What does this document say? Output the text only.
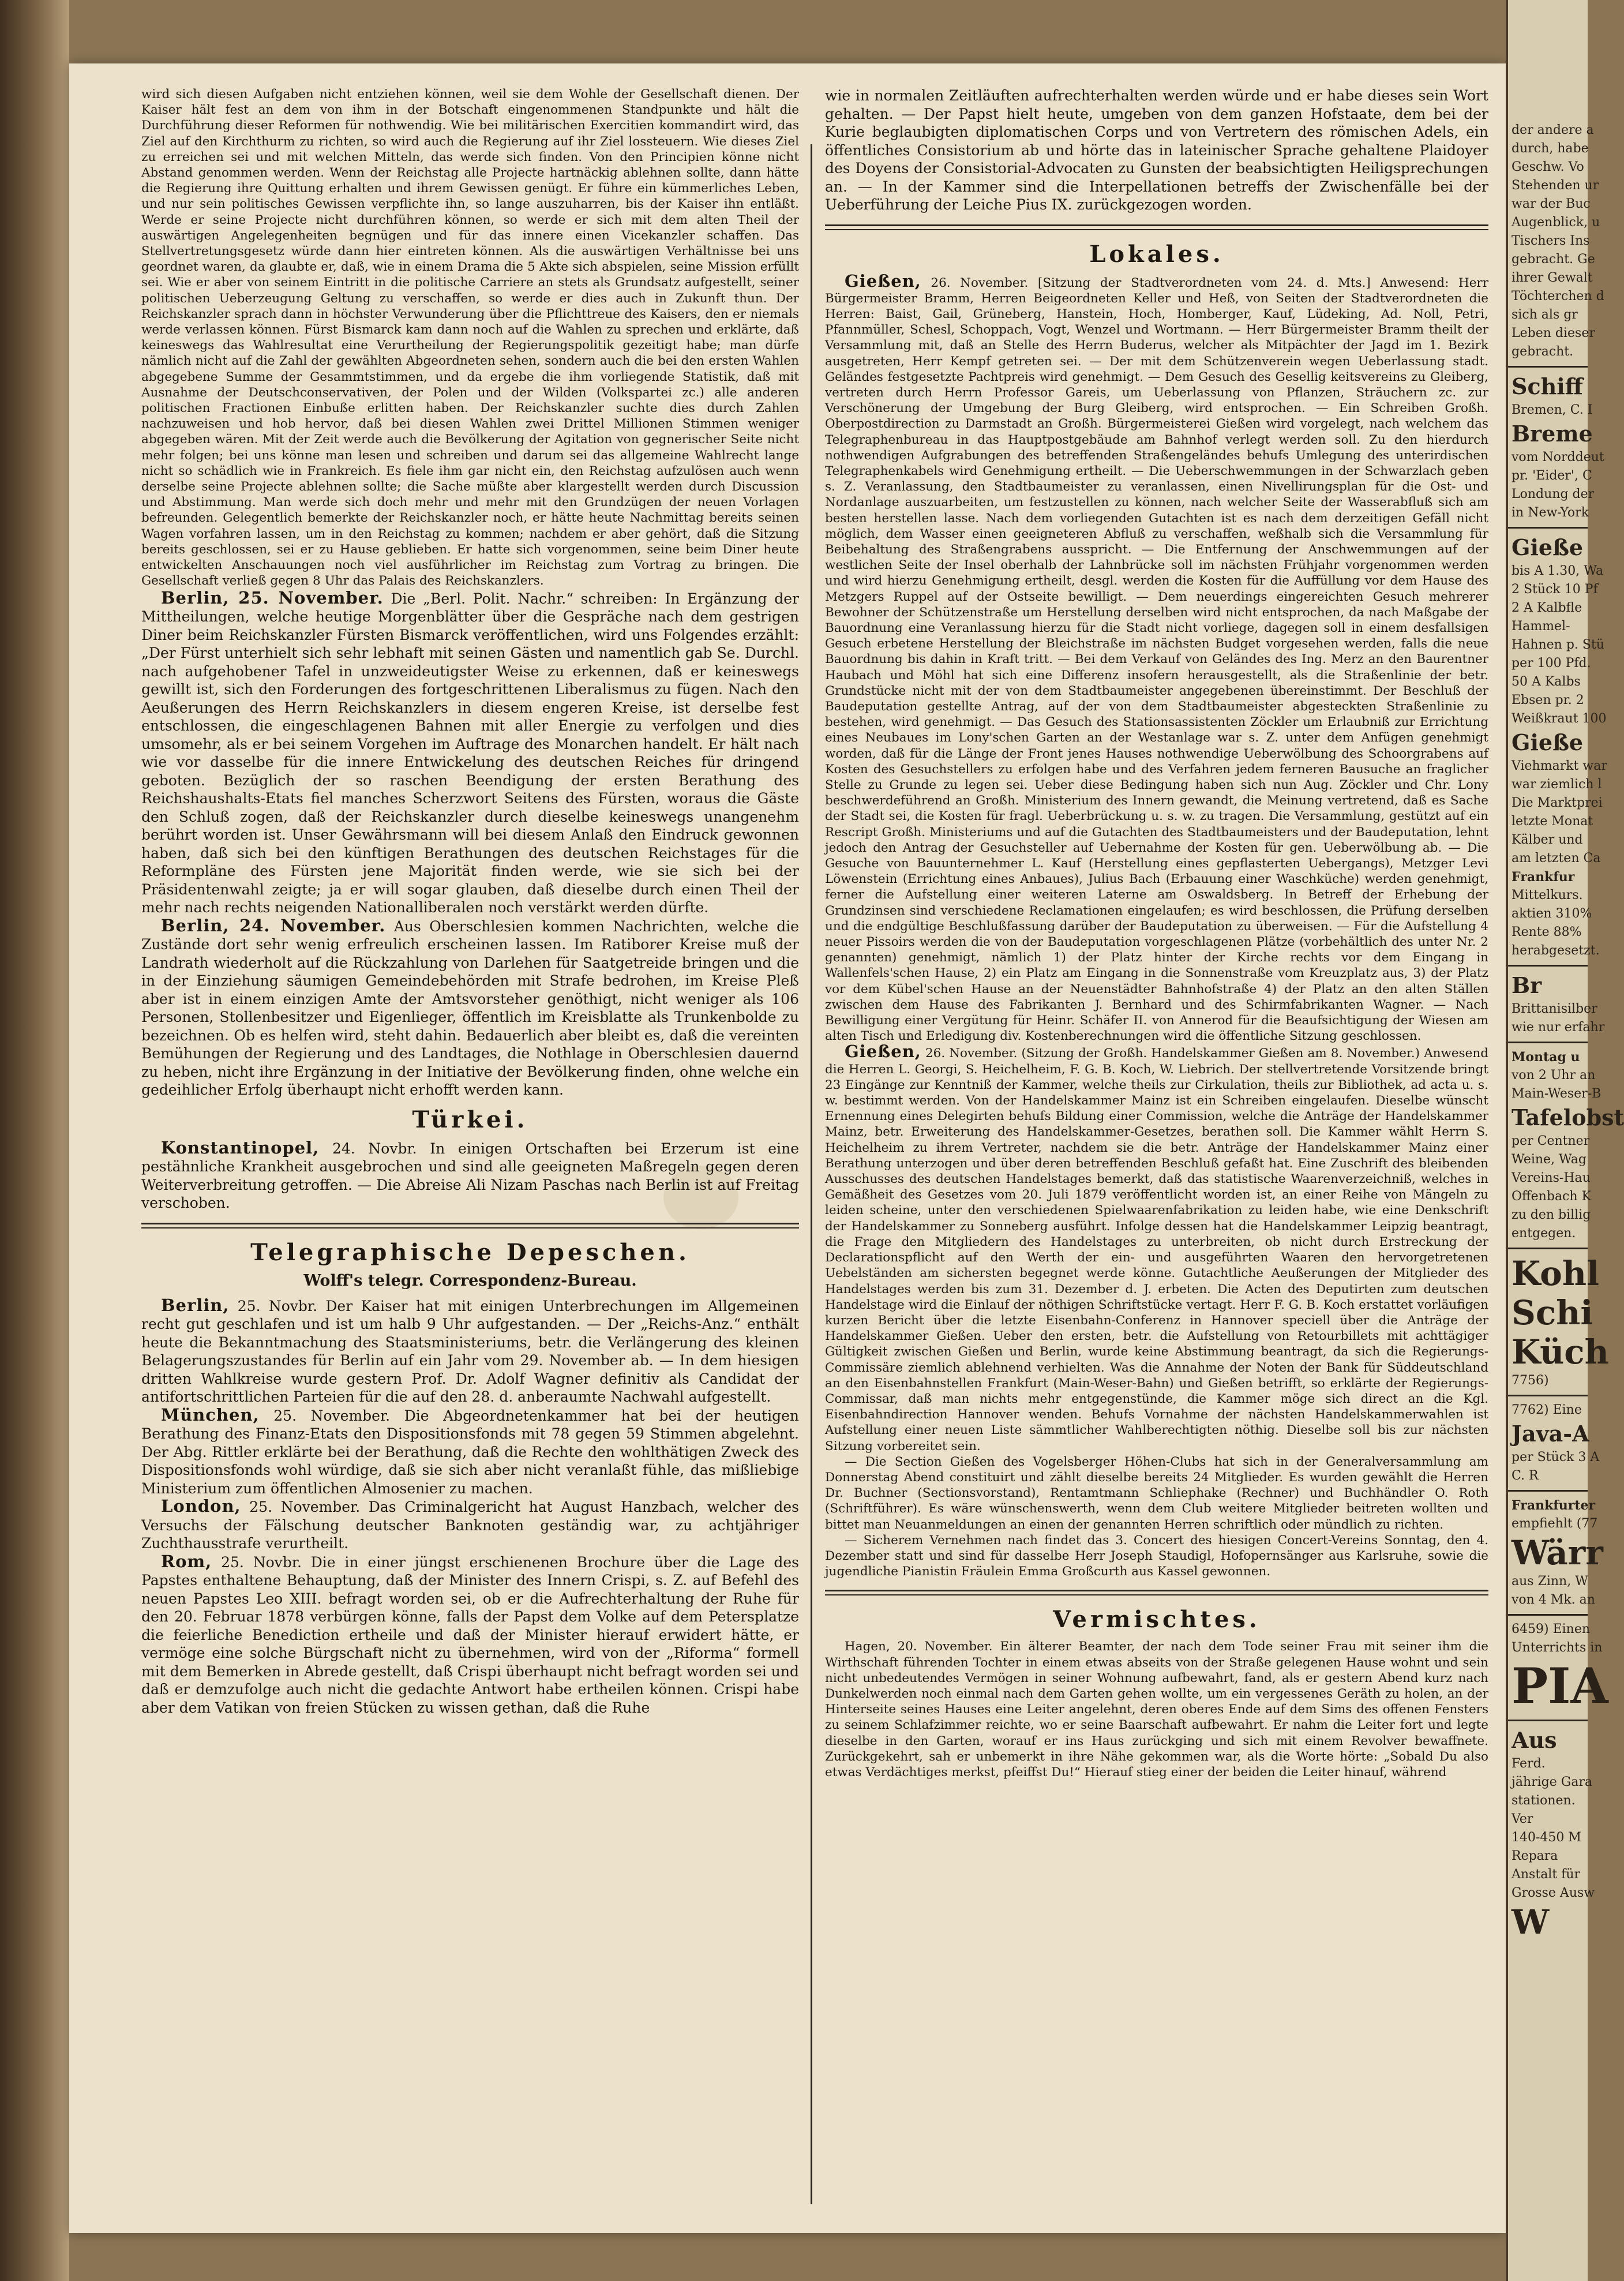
wird sich diesen Aufgaben nicht entziehen können, weil sie dem Wohle der Gesellschaft dienen. Der Kaiser hält fest an dem von ihm in der Botschaft eingenommenen Standpunkte und hält die Durchführung dieser Reformen für nothwendig. Wie bei militärischen Exercitien kommandirt wird, das Ziel auf den Kirchthurm zu richten, so wird auch die Regierung auf ihr Ziel lossteuern. Wie dieses Ziel zu erreichen sei und mit welchen Mitteln, das werde sich finden. Von den Principien könne nicht Abstand genommen werden. Wenn der Reichstag alle Projecte hartnäckig ablehnen sollte, dann hätte die Regierung ihre Quittung erhalten und ihrem Gewissen genügt. Er führe ein kümmerliches Leben, und nur sein politisches Gewissen verpflichte ihn, so lange auszuharren, bis der Kaiser ihn entläßt. Werde er seine Projecte nicht durchführen können, so werde er sich mit dem alten Theil der auswärtigen Angelegenheiten begnügen und für das innere einen Vicekanzler schaffen. Das Stellvertretungsgesetz würde dann hier eintreten können. Als die auswärtigen Verhältnisse bei uns geordnet waren, da glaubte er, daß, wie in einem Drama die 5 Akte sich abspielen, seine Mission erfüllt sei. Wie er aber von seinem Eintritt in die politische Carriere an stets als Grundsatz aufgestellt, seiner politischen Ueberzeugung Geltung zu verschaffen, so werde er dies auch in Zukunft thun. Der Reichskanzler sprach dann in höchster Verwunderung über die Pflichttreue des Kaisers, den er niemals werde verlassen können. Fürst Bismarck kam dann noch auf die Wahlen zu sprechen und erklärte, daß keineswegs das Wahlresultat eine Verurtheilung der Regierungspolitik gezeitigt habe; man dürfe nämlich nicht auf die Zahl der gewählten Abgeordneten sehen, sondern auch die bei den ersten Wahlen abgegebene Summe der Gesammtstimmen, und da ergebe die ihm vorliegende Statistik, daß mit Ausnahme der Deutschconservativen, der Polen und der Wilden (Volkspartei zc.) alle anderen politischen Fractionen Einbuße erlitten haben. Der Reichskanzler suchte dies durch Zahlen nachzuweisen und hob hervor, daß bei diesen Wahlen zwei Drittel Millionen Stimmen weniger abgegeben wären. Mit der Zeit werde auch die Bevölkerung der Agitation von gegnerischer Seite nicht mehr folgen; bei uns könne man lesen und schreiben und darum sei das allgemeine Wahlrecht lange nicht so schädlich wie in Frankreich. Es fiele ihm gar nicht ein, den Reichstag aufzulösen auch wenn derselbe seine Projecte ablehnen sollte; die Sache müßte aber klargestellt werden durch Discussion und Abstimmung. Man werde sich doch mehr und mehr mit den Grundzügen der neuen Vorlagen befreunden. Gelegentlich bemerkte der Reichskanzler noch, er hätte heute Nachmittag bereits seinen Wagen vorfahren lassen, um in den Reichstag zu kommen; nachdem er aber gehört, daß die Sitzung bereits geschlossen, sei er zu Hause geblieben. Er hatte sich vorgenommen, seine beim Diner heute entwickelten Anschauungen noch viel ausführlicher im Reichstag zum Vortrag zu bringen. Die Gesellschaft verließ gegen 8 Uhr das Palais des Reichskanzlers.

Berlin, 25. November. Die „Berl. Polit. Nachr.“ schreiben: In Ergänzung der Mittheilungen, welche heutige Morgenblätter über die Gespräche nach dem gestrigen Diner beim Reichskanzler Fürsten Bismarck veröffentlichen, wird uns Folgendes erzählt: „Der Fürst unterhielt sich sehr lebhaft mit seinen Gästen und namentlich gab Se. Durchl. nach aufgehobener Tafel in unzweideutigster Weise zu erkennen, daß er keineswegs gewillt ist, sich den Forderungen des fortgeschrittenen Liberalismus zu fügen. Nach den Aeußerungen des Herrn Reichskanzlers in diesem engeren Kreise, ist derselbe fest entschlossen, die eingeschlagenen Bahnen mit aller Energie zu verfolgen und dies umsomehr, als er bei seinem Vorgehen im Auftrage des Monarchen handelt. Er hält nach wie vor dasselbe für die innere Entwickelung des deutschen Reiches für dringend geboten. Bezüglich der so raschen Beendigung der ersten Berathung des Reichshaushalts-Etats fiel manches Scherzwort Seitens des Fürsten, woraus die Gäste den Schluß zogen, daß der Reichskanzler durch dieselbe keineswegs unangenehm berührt worden ist. Unser Gewährsmann will bei diesem Anlaß den Eindruck gewonnen haben, daß sich bei den künftigen Berathungen des deutschen Reichstages für die Reformpläne des Fürsten jene Majorität finden werde, wie sie sich bei der Präsidentenwahl zeigte; ja er will sogar glauben, daß dieselbe durch einen Theil der mehr nach rechts neigenden Nationalliberalen noch verstärkt werden dürfte.

Berlin, 24. November. Aus Oberschlesien kommen Nachrichten, welche die Zustände dort sehr wenig erfreulich erscheinen lassen. Im Ratiborer Kreise muß der Landrath wiederholt auf die Rückzahlung von Darlehen für Saatgetreide bringen und die in der Einziehung säumigen Gemeindebehörden mit Strafe bedrohen, im Kreise Pleß aber ist in einem einzigen Amte der Amtsvorsteher genöthigt, nicht weniger als 106 Personen, Stollenbesitzer und Eigenlieger, öffentlich im Kreisblatte als Trunkenbolde zu bezeichnen. Ob es helfen wird, steht dahin. Bedauerlich aber bleibt es, daß die vereinten Bemühungen der Regierung und des Landtages, die Nothlage in Oberschlesien dauernd zu heben, nicht ihre Ergänzung in der Initiative der Bevölkerung finden, ohne welche ein gedeihlicher Erfolg überhaupt nicht erhofft werden kann.

Türkei.

Konstantinopel, 24. Novbr. In einigen Ortschaften bei Erzerum ist eine pestähnliche Krankheit ausgebrochen und sind alle geeigneten Maßregeln gegen deren Weiterverbreitung getroffen. — Die Abreise Ali Nizam Paschas nach Berlin ist auf Freitag verschoben.

Telegraphische Depeschen.
Wolff's telegr. Correspondenz-Bureau.

Berlin, 25. Novbr. Der Kaiser hat mit einigen Unterbrechungen im Allgemeinen recht gut geschlafen und ist um halb 9 Uhr aufgestanden. — Der „Reichs-Anz.“ enthält heute die Bekanntmachung des Staatsministeriums, betr. die Verlängerung des kleinen Belagerungszustandes für Berlin auf ein Jahr vom 29. November ab. — In dem hiesigen dritten Wahlkreise wurde gestern Prof. Dr. Adolf Wagner definitiv als Candidat der antifortschrittlichen Parteien für die auf den 28. d. anberaumte Nachwahl aufgestellt.

München, 25. November. Die Abgeordnetenkammer hat bei der heutigen Berathung des Finanz-Etats den Dispositionsfonds mit 78 gegen 59 Stimmen abgelehnt. Der Abg. Rittler erklärte bei der Berathung, daß die Rechte den wohlthätigen Zweck des Dispositionsfonds wohl würdige, daß sie sich aber nicht veranlaßt fühle, das mißliebige Ministerium zum öffentlichen Almosenier zu machen.

London, 25. November. Das Criminalgericht hat August Hanzbach, welcher des Versuchs der Fälschung deutscher Banknoten geständig war, zu achtjähriger Zuchthausstrafe verurtheilt.

Rom, 25. Novbr. Die in einer jüngst erschienenen Brochure über die Lage des Papstes enthaltene Behauptung, daß der Minister des Innern Crispi, s. Z. auf Befehl des neuen Papstes Leo XIII. befragt worden sei, ob er die Aufrechterhaltung der Ruhe für den 20. Februar 1878 verbürgen könne, falls der Papst dem Volke auf dem Petersplatze die feierliche Benediction ertheile und daß der Minister hierauf erwidert hätte, er vermöge eine solche Bürgschaft nicht zu übernehmen, wird von der „Riforma“ formell mit dem Bemerken in Abrede gestellt, daß Crispi überhaupt nicht befragt worden sei und daß er demzufolge auch nicht die gedachte Antwort habe ertheilen können. Crispi habe aber dem Vatikan von freien Stücken zu wissen gethan, daß die Ruhe

wie in normalen Zeitläuften aufrechterhalten werden würde und er habe dieses sein Wort gehalten. — Der Papst hielt heute, umgeben von dem ganzen Hofstaate, dem bei der Kurie beglaubigten diplomatischen Corps und von Vertretern des römischen Adels, ein öffentliches Consistorium ab und hörte das in lateinischer Sprache gehaltene Plaidoyer des Doyens der Consistorial-Advocaten zu Gunsten der beabsichtigten Heiligsprechungen an. — In der Kammer sind die Interpellationen betreffs der Zwischenfälle bei der Ueberführung der Leiche Pius IX. zurückgezogen worden.

Lokales.

Gießen, 26. November. [Sitzung der Stadtverordneten vom 24. d. Mts.] Anwesend: Herr Bürgermeister Bramm, Herren Beigeordneten Keller und Heß, von Seiten der Stadtverordneten die Herren: Baist, Gail, Grüneberg, Hanstein, Hoch, Homberger, Kauf, Lüdeking, Ad. Noll, Petri, Pfannmüller, Schesl, Schoppach, Vogt, Wenzel und Wortmann. — Herr Bürgermeister Bramm theilt der Versammlung mit, daß an Stelle des Herrn Buderus, welcher als Mitpächter der Jagd im 1. Bezirk ausgetreten, Herr Kempf getreten sei. — Der mit dem Schützenverein wegen Ueberlassung stadt. Geländes festgesetzte Pachtpreis wird genehmigt. — Dem Gesuch des Gesellig keitsvereins zu Gleiberg, vertreten durch Herrn Professor Gareis, um Ueberlassung von Pflanzen, Sträuchern zc. zur Verschönerung der Umgebung der Burg Gleiberg, wird entsprochen. — Ein Schreiben Großh. Oberpostdirection zu Darmstadt an Großh. Bürgermeisterei Gießen wird vorgelegt, nach welchem das Telegraphenbureau in das Hauptpostgebäude am Bahnhof verlegt werden soll. Zu den hierdurch nothwendigen Aufgrabungen des betreffenden Straßengeländes behufs Umlegung des unterirdischen Telegraphenkabels wird Genehmigung ertheilt. — Die Ueberschwemmungen in der Schwarzlach geben s. Z. Veranlassung, den Stadtbaumeister zu veranlassen, einen Nivellirungsplan für die Ost- und Nordanlage auszuarbeiten, um festzustellen zu können, nach welcher Seite der Wasserabfluß sich am besten herstellen lasse. Nach dem vorliegenden Gutachten ist es nach dem derzeitigen Gefäll nicht möglich, dem Wasser einen geeigneteren Abfluß zu verschaffen, weßhalb sich die Versammlung für Beibehaltung des Straßengrabens ausspricht. — Die Entfernung der Anschwemmungen auf der westlichen Seite der Insel oberhalb der Lahnbrücke soll im nächsten Frühjahr vorgenommen werden und wird hierzu Genehmigung ertheilt, desgl. werden die Kosten für die Auffüllung vor dem Hause des Metzgers Ruppel auf der Ostseite bewilligt. — Dem neuerdings eingereichten Gesuch mehrerer Bewohner der Schützenstraße um Herstellung derselben wird nicht entsprochen, da nach Maßgabe der Bauordnung eine Veranlassung hierzu für die Stadt nicht vorliege, dagegen soll in einem desfallsigen Gesuch erbetene Herstellung der Bleichstraße im nächsten Budget vorgesehen werden, falls die neue Bauordnung bis dahin in Kraft tritt. — Bei dem Verkauf von Geländes des Ing. Merz an den Baurentner Haubach und Möhl hat sich eine Differenz insofern herausgestellt, als die Straßenlinie der betr. Grundstücke nicht mit der von dem Stadtbaumeister angegebenen übereinstimmt. Der Beschluß der Baudeputation gestellte Antrag, auf der von dem Stadtbaumeister abgesteckten Straßenlinie zu bestehen, wird genehmigt. — Das Gesuch des Stationsassistenten Zöckler um Erlaubniß zur Errichtung eines Neubaues im Lony'schen Garten an der Westanlage war s. Z. unter dem Anfügen genehmigt worden, daß für die Länge der Front jenes Hauses nothwendige Ueberwölbung des Schoorgrabens auf Kosten des Gesuchstellers zu erfolgen habe und des Verfahren jedem ferneren Bausuche an fraglicher Stelle zu Grunde zu legen sei. Ueber diese Bedingung haben sich nun Aug. Zöckler und Chr. Lony beschwerdeführend an Großh. Ministerium des Innern gewandt, die Meinung vertretend, daß es Sache der Stadt sei, die Kosten für fragl. Ueberbrückung u. s. w. zu tragen. Die Versammlung, gestützt auf ein Rescript Großh. Ministeriums und auf die Gutachten des Stadtbaumeisters und der Baudeputation, lehnt jedoch den Antrag der Gesuchsteller auf Uebernahme der Kosten für gen. Ueberwölbung ab. — Die Gesuche von Bauunternehmer L. Kauf (Herstellung eines gepflasterten Uebergangs), Metzger Levi Löwenstein (Errichtung eines Anbaues), Julius Bach (Erbauung einer Waschküche) werden genehmigt, ferner die Aufstellung einer weiteren Laterne am Oswaldsberg. In Betreff der Erhebung der Grundzinsen sind verschiedene Reclamationen eingelaufen; es wird beschlossen, die Prüfung derselben und die endgültige Beschlußfassung darüber der Baudeputation zu überweisen. — Für die Aufstellung 4 neuer Pissoirs werden die von der Baudeputation vorgeschlagenen Plätze (vorbehältlich des unter Nr. 2 genannten) genehmigt, nämlich 1) der Platz hinter der Kirche rechts vor dem Eingang in Wallenfels'schen Hause, 2) ein Platz am Eingang in die Sonnenstraße vom Kreuzplatz aus, 3) der Platz vor dem Kübel'schen Hause an der Neuenstädter Bahnhofstraße 4) der Platz an den alten Ställen zwischen dem Hause des Fabrikanten J. Bernhard und des Schirmfabrikanten Wagner. — Nach Bewilligung einer Vergütung für Heinr. Schäfer II. von Annerod für die Beaufsichtigung der Wiesen am alten Tisch und Erledigung div. Kostenberechnungen wird die öffentliche Sitzung geschlossen.

Gießen, 26. November. (Sitzung der Großh. Handelskammer Gießen am 8. November.) Anwesend die Herren L. Georgi, S. Heichelheim, F. G. B. Koch, W. Liebrich. Der stellvertretende Vorsitzende bringt 23 Eingänge zur Kenntniß der Kammer, welche theils zur Cirkulation, theils zur Bibliothek, ad acta u. s. w. bestimmt werden. Von der Handelskammer Mainz ist ein Schreiben eingelaufen. Dieselbe wünscht Ernennung eines Delegirten behufs Bildung einer Commission, welche die Anträge der Handelskammer Mainz, betr. Erweiterung des Handelskammer-Gesetzes, berathen soll. Die Kammer wählt Herrn S. Heichelheim zu ihrem Vertreter, nachdem sie die betr. Anträge der Handelskammer Mainz einer Berathung unterzogen und über deren betreffenden Beschluß gefaßt hat. Eine Zuschrift des bleibenden Ausschusses des deutschen Handelstages bemerkt, daß das statistische Waarenverzeichniß, welches in Gemäßheit des Gesetzes vom 20. Juli 1879 veröffentlicht worden ist, an einer Reihe von Mängeln zu leiden scheine, unter den verschiedenen Spielwaarenfabrikation zu leiden habe, wie eine Denkschrift der Handelskammer zu Sonneberg ausführt. Infolge dessen hat die Handelskammer Leipzig beantragt, die Frage den Mitgliedern des Handelstages zu unterbreiten, ob nicht durch Erstreckung der Declarationspflicht auf den Werth der ein- und ausgeführten Waaren den hervorgetretenen Uebelständen am sichersten begegnet werde könne. Gutachtliche Aeußerungen der Mitglieder des Handelstages werden bis zum 31. Dezember d. J. erbeten. Die Acten des Deputirten zum deutschen Handelstage wird die Einlauf der nöthigen Schriftstücke vertagt. Herr F. G. B. Koch erstattet vorläufigen kurzen Bericht über die letzte Eisenbahn-Conferenz in Hannover speciell über die Anträge der Handelskammer Gießen. Ueber den ersten, betr. die Aufstellung von Retourbillets mit achttägiger Gültigkeit zwischen Gießen und Berlin, wurde keine Abstimmung beantragt, da sich die Regierungs-Commissäre ziemlich ablehnend verhielten. Was die Annahme der Noten der Bank für Süddeutschland an den Eisenbahnstellen Frankfurt (Main-Weser-Bahn) und Gießen betrifft, so erklärte der Regierungs-Commissar, daß man nichts mehr entgegenstünde, die Kammer möge sich direct an die Kgl. Eisenbahndirection Hannover wenden. Behufs Vornahme der nächsten Handelskammerwahlen ist Aufstellung einer neuen Liste sämmtlicher Wahlberechtigten nöthig. Dieselbe soll bis zur nächsten Sitzung vorbereitet sein.

— Die Section Gießen des Vogelsberger Höhen-Clubs hat sich in der Generalversammlung am Donnerstag Abend constituirt und zählt dieselbe bereits 24 Mitglieder. Es wurden gewählt die Herren Dr. Buchner (Sectionsvorstand), Rentamtmann Schliephake (Rechner) und Buchhändler O. Roth (Schriftführer). Es wäre wünschenswerth, wenn dem Club weitere Mitglieder beitreten wollten und bittet man Neuanmeldungen an einen der genannten Herren schriftlich oder mündlich zu richten.

— Sicherem Vernehmen nach findet das 3. Concert des hiesigen Concert-Vereins Sonntag, den 4. Dezember statt und sind für dasselbe Herr Joseph Staudigl, Hofopernsänger aus Karlsruhe, sowie die jugendliche Pianistin Fräulein Emma Großcurth aus Kassel gewonnen.

Vermischtes.

Hagen, 20. November. Ein älterer Beamter, der nach dem Tode seiner Frau mit seiner ihm die Wirthschaft führenden Tochter in einem etwas abseits von der Straße gelegenen Hause wohnt und sein nicht unbedeutendes Vermögen in seiner Wohnung aufbewahrt, fand, als er gestern Abend kurz nach Dunkelwerden noch einmal nach dem Garten gehen wollte, um ein vergessenes Geräth zu holen, an der Hinterseite seines Hauses eine Leiter angelehnt, deren oberes Ende auf dem Sims des offenen Fensters zu seinem Schlafzimmer reichte, wo er seine Baarschaft aufbewahrt. Er nahm die Leiter fort und legte dieselbe in den Garten, worauf er ins Haus zurückging und sich mit einem Revolver bewaffnete. Zurückgekehrt, sah er unbemerkt in ihre Nähe gekommen war, als die Worte hörte: „Sobald Du also etwas Verdächtiges merkst, pfeiffst Du!“ Hierauf stieg einer der beiden die Leiter hinauf, während

der andere a
durch, habe
Geschw. Vo
Stehenden ur
war der Buc
Augenblick, u
Tischers Ins
gebracht. Ge
ihrer Gewalt
Töchterchen d
sich als gr
Leben dieser
gebracht.
Schiff
Bremen, C. I
Breme
vom Norddeut
pr. 'Eider', C
Londung der
in New-York
Gieße
bis A 1.30, Wa
2 Stück 10 Pf
2 A Kalbfle
Hammel-
Hahnen p. Stü
per 100 Pfd.
50 A Kalbs
Ebsen pr. 2
Weißkraut 100
Gieße
Viehmarkt war
war ziemlich l
Die Marktprei
letzte Monat
Kälber und
am letzten Ca
Frankfur
Mittelkurs.
aktien 310%
Rente 88%
herabgesetzt.
Br
Brittanisilber
wie nur erfahr
Montag u
von 2 Uhr an
Main-Weser-B
Tafelobst
per Centner
Weine, Wag
Vereins-Hau
Offenbach K
zu den billig
entgegen.
Kohl
Schi
Küch
7756)
7762) Eine
Java-A
per Stück 3 A
C. R
Frankfurter
empfiehlt (77
Wärr
aus Zinn, W
von 4 Mk. an
6459) Einen
Unterrichts in
PIA
Aus
Ferd.
jährige Gara
stationen.
Ver
140-450 M
Repara
Anstalt für
Grosse Ausw
W
